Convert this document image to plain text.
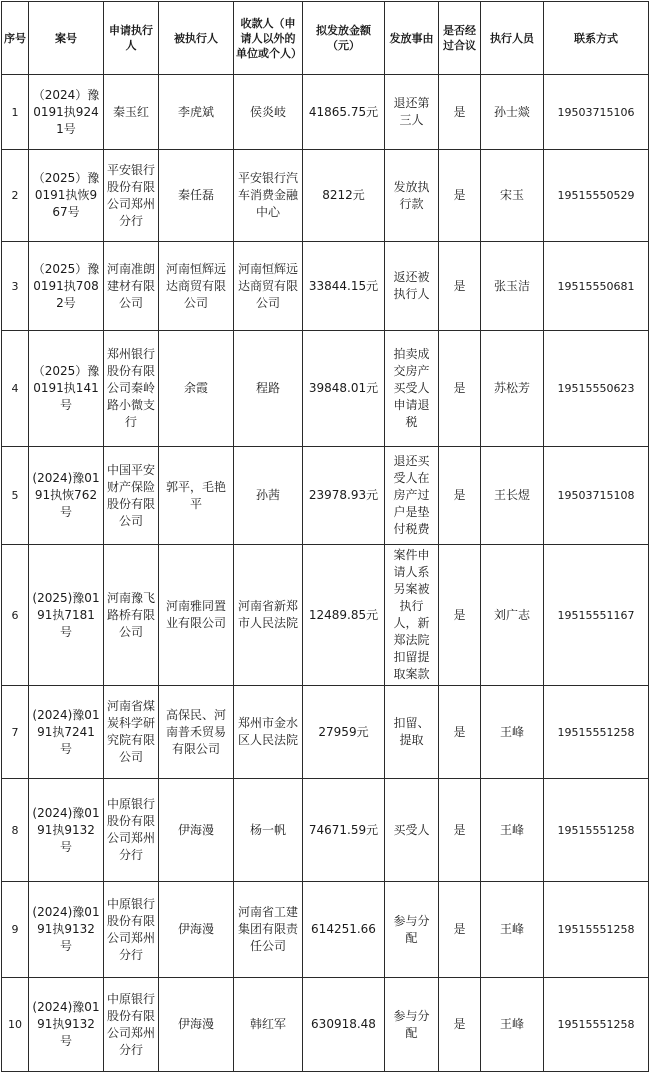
序号	案号	申请执行人	被执行人	收款人（申请人以外的单位或个人）	拟发放金额（元）	发放事由	是否经过合议	执行人员	联系方式
1	（2024）豫0191执9241号	秦玉红	李虎斌	侯炎岐	41865.75元	退还第三人	是	孙士燚	19503715106
2	（2025）豫0191执恢967号	平安银行股份有限公司郑州分行	秦任磊	平安银行汽车消费金融中心	8212元	发放执行款	是	宋玉	19515550529
3	（2025）豫0191执7082号	河南准朗建材有限公司	河南恒辉远达商贸有限公司	河南恒辉远达商贸有限公司	33844.15元	返还被执行人	是	张玉洁	19515550681
4	（2025）豫0191执141号	郑州银行股份有限公司秦岭路小微支行	余霞	程路	39848.01元	拍卖成交房产买受人申请退税	是	苏松芳	19515550623
5	(2024)豫0191执恢762号	中国平安财产保险股份有限公司	郭平，毛艳平	孙茜	23978.93元	退还买受人在房产过户是垫付税费	是	王长煜	19503715108
6	(2025)豫0191执7181号	河南豫飞路桥有限公司	河南雅同置业有限公司	河南省新郑市人民法院	12489.85元	案件申请人系另案被执行人，新郑法院扣留提取案款	是	刘广志	19515551167
7	(2024)豫0191执7241号	河南省煤炭科学研究院有限公司	高保民、河南普禾贸易有限公司	郑州市金水区人民法院	27959元	扣留、提取	是	王峰	19515551258
8	(2024)豫0191执9132号	中原银行股份有限公司郑州分行	伊海漫	杨一帆	74671.59元	买受人	是	王峰	19515551258
9	(2024)豫0191执9132号	中原银行股份有限公司郑州分行	伊海漫	河南省工建集团有限责任公司	614251.66	参与分配	是	王峰	19515551258
10	(2024)豫0191执9132号	中原银行股份有限公司郑州分行	伊海漫	韩红军	630918.48	参与分配	是	王峰	19515551258
